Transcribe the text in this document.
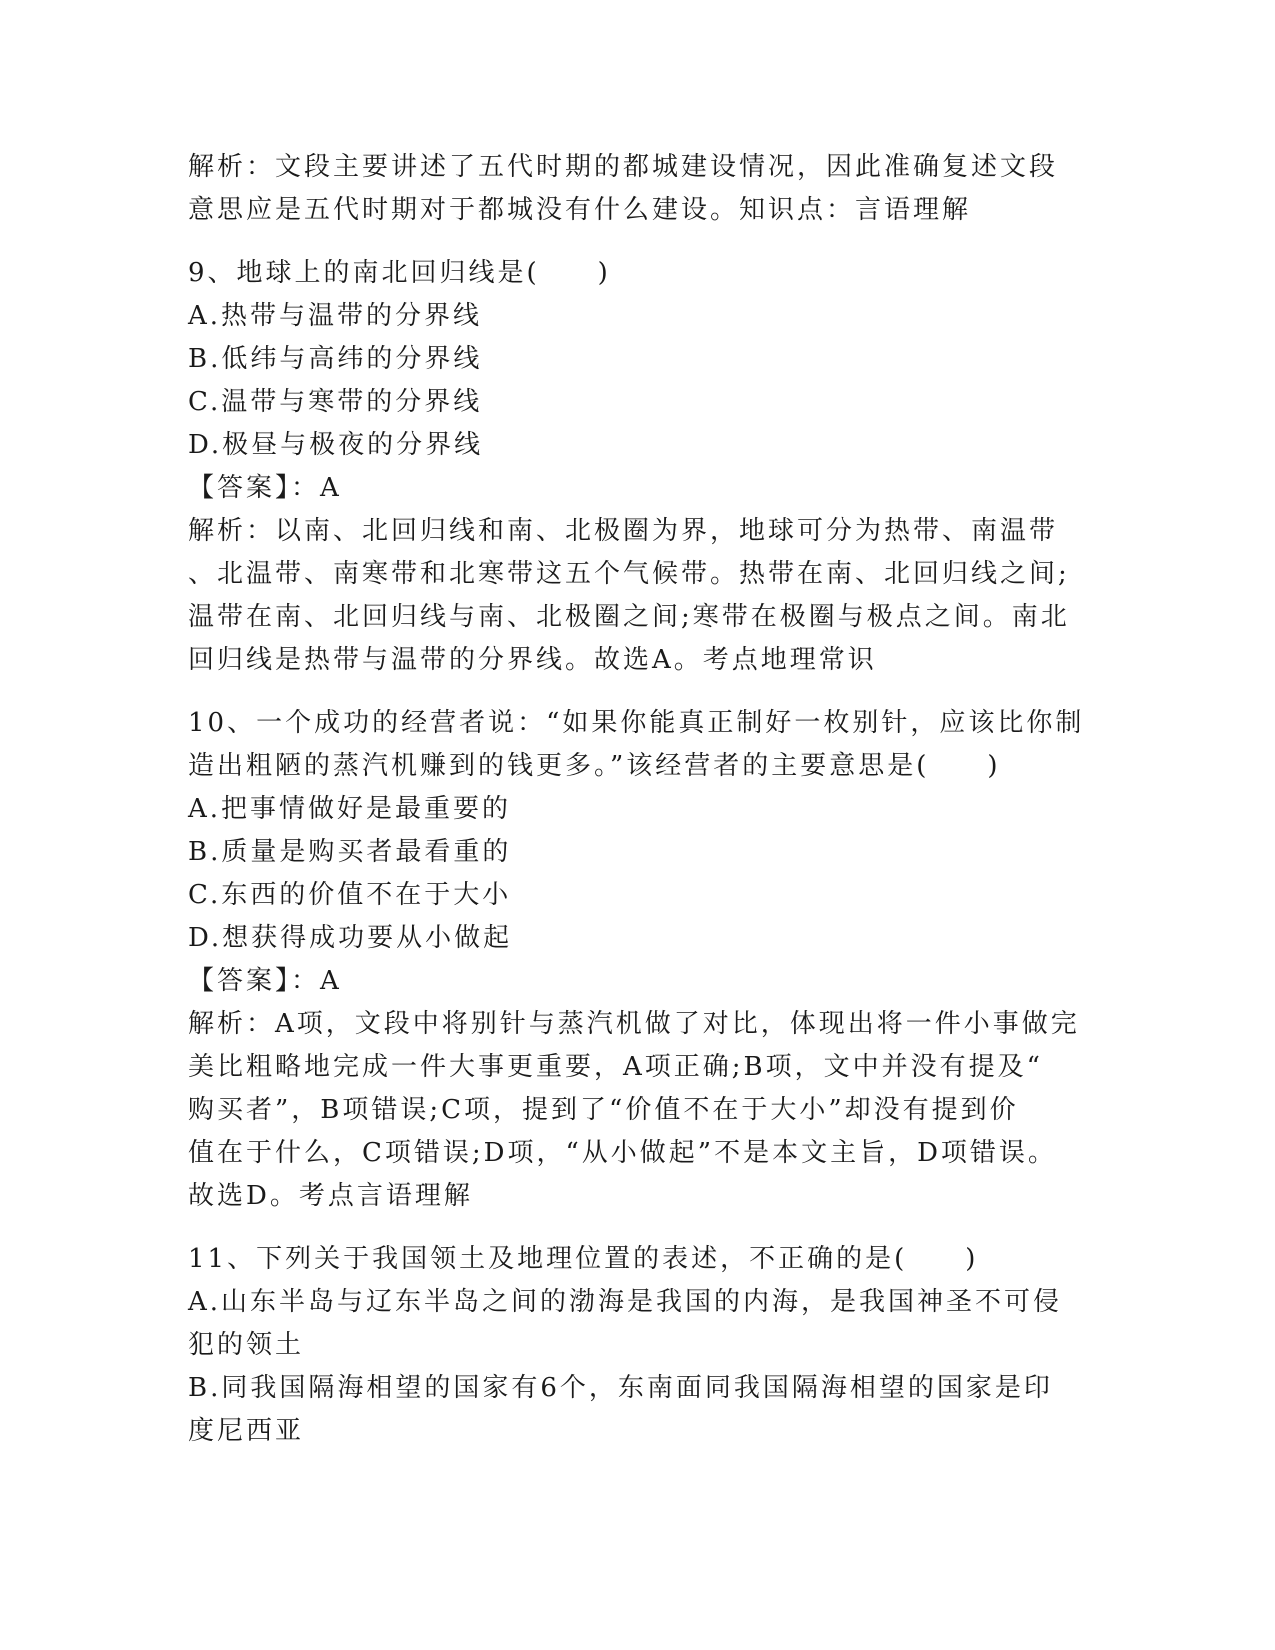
解析：文段主要讲述了五代时期的都城建设情况，因此准确复述文段
意思应是五代时期对于都城没有什么建设。知识点：言语理解
9、地球上的南北回归线是(　　)
A.热带与温带的分界线
B.低纬与高纬的分界线
C.温带与寒带的分界线
D.极昼与极夜的分界线
【答案】：A
解析：以南、北回归线和南、北极圈为界，地球可分为热带、南温带
、北温带、南寒带和北寒带这五个气候带。热带在南、北回归线之间;
温带在南、北回归线与南、北极圈之间;寒带在极圈与极点之间。南北
回归线是热带与温带的分界线。故选A。考点地理常识
10、一个成功的经营者说：“如果你能真正制好一枚别针，应该比你制
造出粗陋的蒸汽机赚到的钱更多。”该经营者的主要意思是(　　)
A.把事情做好是最重要的
B.质量是购买者最看重的
C.东西的价值不在于大小
D.想获得成功要从小做起
【答案】：A
解析：A项，文段中将别针与蒸汽机做了对比，体现出将一件小事做完
美比粗略地完成一件大事更重要，A项正确;B项，文中并没有提及“
购买者”，B项错误;C项，提到了“价值不在于大小”却没有提到价
值在于什么，C项错误;D项，“从小做起”不是本文主旨，D项错误。
故选D。考点言语理解
11、下列关于我国领土及地理位置的表述，不正确的是(　　)
A.山东半岛与辽东半岛之间的渤海是我国的内海，是我国神圣不可侵
犯的领土
B.同我国隔海相望的国家有6个，东南面同我国隔海相望的国家是印
度尼西亚
